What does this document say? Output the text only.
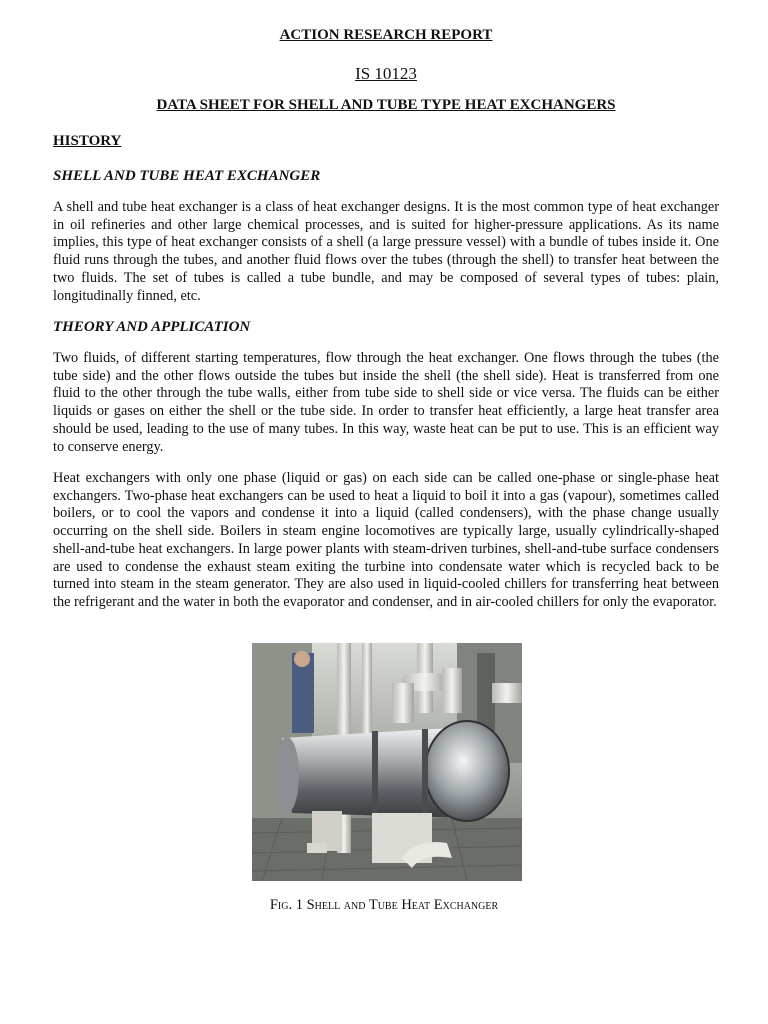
ACTION RESEARCH REPORT

IS 10123

DATA SHEET FOR SHELL AND TUBE TYPE HEAT EXCHANGERS

HISTORY

SHELL AND TUBE HEAT EXCHANGER

A shell and tube heat exchanger is a class of heat exchanger designs. It is the most common type of heat exchanger in oil refineries and other large chemical processes, and is suited for higher-pressure applications. As its name implies, this type of heat exchanger consists of a shell (a large pressure vessel) with a bundle of tubes inside it. One fluid runs through the tubes, and another fluid flows over the tubes (through the shell) to transfer heat between the two fluids. The set of tubes is called a tube bundle, and may be composed of several types of tubes: plain, longitudinally finned, etc.

THEORY AND APPLICATION

Two fluids, of different starting temperatures, flow through the heat exchanger. One flows through the tubes (the tube side) and the other flows outside the tubes but inside the shell (the shell side). Heat is transferred from one fluid to the other through the tube walls, either from tube side to shell side or vice versa. The fluids can be either liquids or gases on either the shell or the tube side. In order to transfer heat efficiently, a large heat transfer area should be used, leading to the use of many tubes. In this way, waste heat can be put to use. This is an efficient way to conserve energy.

Heat exchangers with only one phase (liquid or gas) on each side can be called one-phase or single-phase heat exchangers. Two-phase heat exchangers can be used to heat a liquid to boil it into a gas (vapour), sometimes called boilers, or to cool the vapors and condense it into a liquid (called condensers), with the phase change usually occurring on the shell side. Boilers in steam engine locomotives are typically large, usually cylindrically-shaped shell-and-tube heat exchangers. In large power plants with steam-driven turbines, shell-and-tube surface condensers are used to condense the exhaust steam exiting the turbine into condensate water which is recycled back to be turned into steam in the steam generator. They are also used in liquid-cooled chillers for transferring heat between the refrigerant and the water in both the evaporator and condenser, and in air-cooled chillers for only the evaporator.

Fig. 1 Shell and Tube Heat Exchanger
